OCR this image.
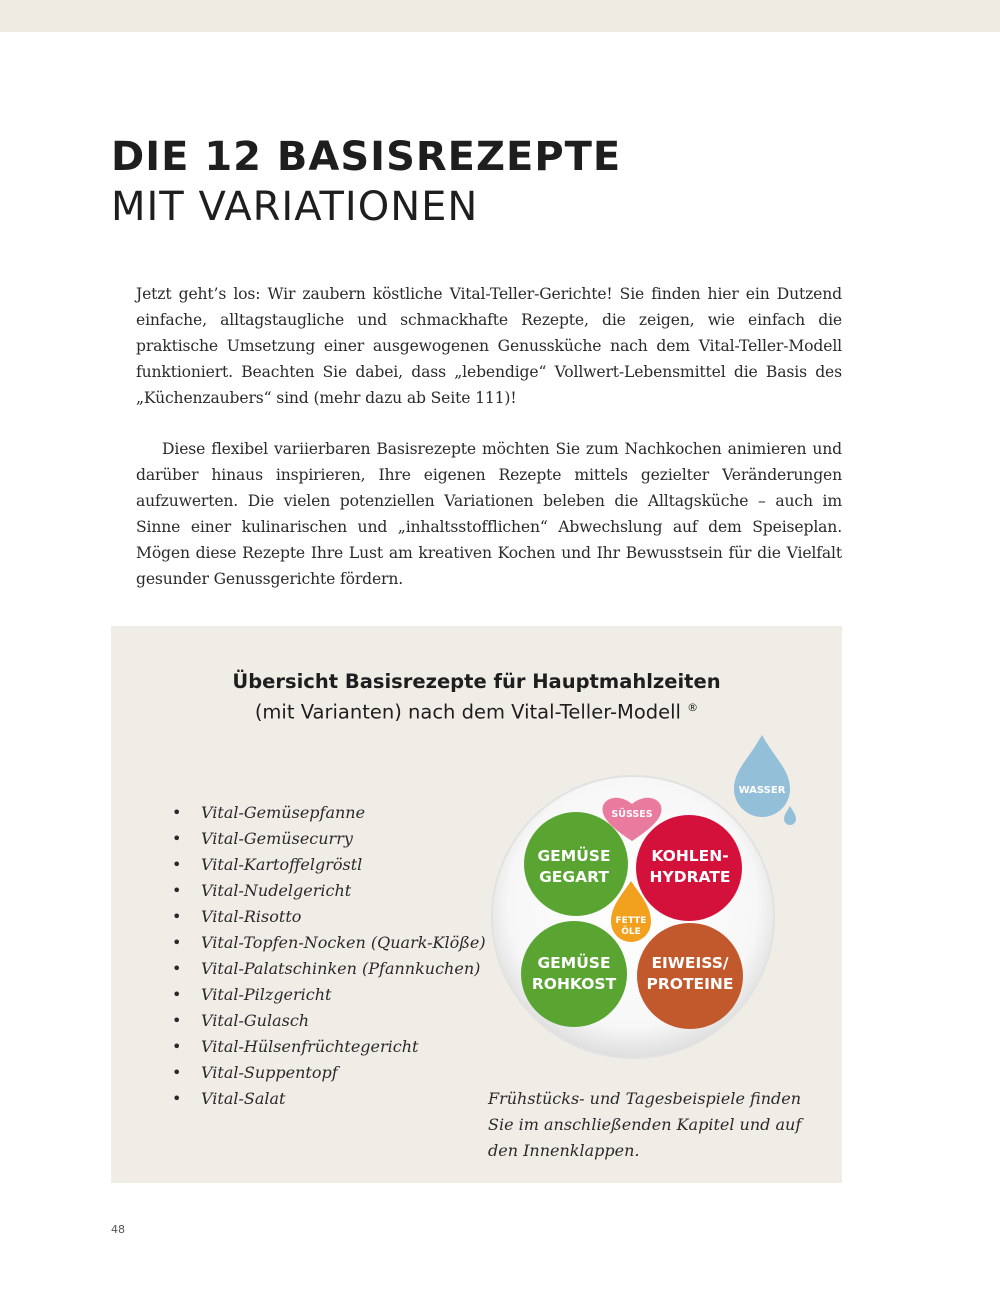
DIE 12 BASISREZEPTE
MIT VARIATIONEN

Jetzt geht’s los: Wir zaubern köstliche Vital-Teller-Gerichte! Sie finden hier ein Dutzend einfache, alltagstaugliche und schmackhafte Rezepte, die zeigen, wie einfach die praktische Umsetzung einer ausgewogenen Genussküche nach dem Vital-Teller-Modell funktioniert. Beachten Sie dabei, dass „lebendige“ Vollwert-Lebensmittel die Basis des „Küchenzaubers“ sind (mehr dazu ab Seite 111)!

Diese flexibel variierbaren Basisrezepte möchten Sie zum Nachkochen animieren und darüber hinaus inspirieren, Ihre eigenen Rezepte mittels gezielter Veränderungen aufzuwerten. Die vielen potenziellen Variationen beleben die Alltagsküche – auch im Sinne einer kulinarischen und „inhaltsstofflichen“ Abwechslung auf dem Speiseplan. Mögen diese Rezepte Ihre Lust am kreativen Kochen und Ihr Bewusstsein für die Vielfalt gesunder Genussgerichte fördern.

Übersicht Basisrezepte für Hauptmahlzeiten
(mit Varianten) nach dem Vital-Teller-Modell ®
• Vital-Gemüsepfanne
• Vital-Gemüsecurry
• Vital-Kartoffelgröstl
• Vital-Nudelgericht
• Vital-Risotto
• Vital-Topfen-Nocken (Quark-Klöße)
• Vital-Palatschinken (Pfannkuchen)
• Vital-Pilzgericht
• Vital-Gulasch
• Vital-Hülsenfrüchtegericht
• Vital-Suppentopf
• Vital-Salat
WASSER
SÜSSES
FETTE
ÖLE
GEMÜSE
GEGART
KOHLEN-
HYDRATE
GEMÜSE
ROHKOST
EIWEISS/
PROTEINE

Frühstücks- und Tagesbeispiele finden
Sie im anschließenden Kapitel und auf
den Innenklappen.

48
